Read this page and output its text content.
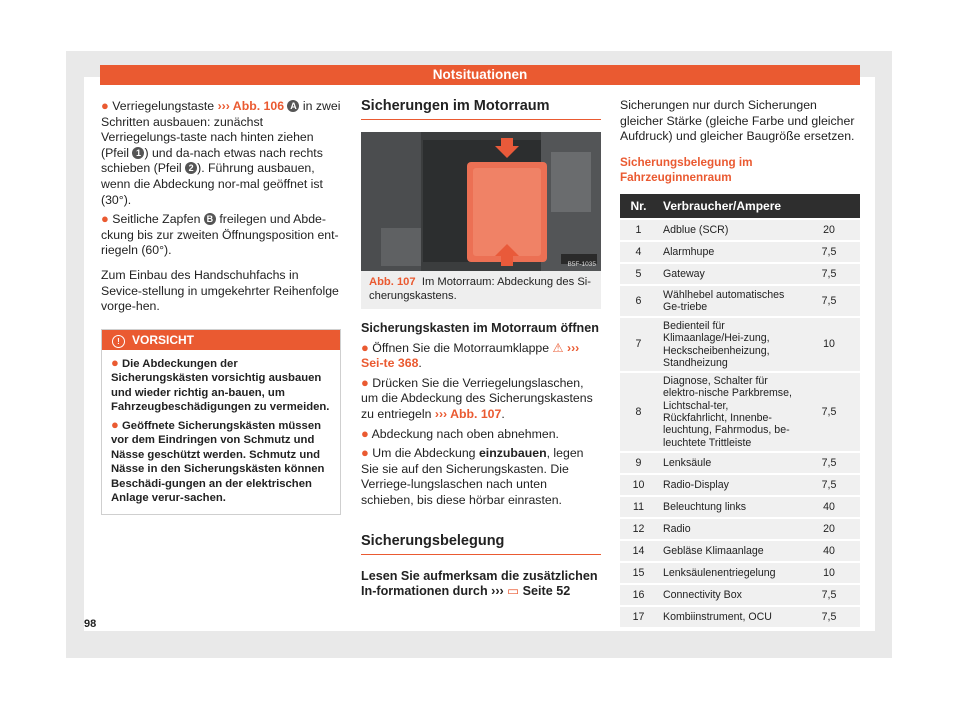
Notsituationen

● Verriegelungstaste ››› Abb. 106 A in zwei Schritten ausbauen: zunächst Verriegelungs-taste nach hinten ziehen (Pfeil 1 ) und da-nach etwas nach rechts schieben (Pfeil 2 ). Führung ausbauen, wenn die Abdeckung nor-mal geöffnet ist (30°).

● Seitliche Zapfen B freilegen und Abde-ckung bis zur zweiten Öffnungsposition ent-riegeln (60°).

Zum Einbau des Handschuhfachs in Sevice-stellung in umgekehrter Reihenfolge vorge-hen.

! VORSICHT

● Die Abdeckungen der Sicherungskästen vorsichtig ausbauen und wieder richtig an-bauen, um Fahrzeugbeschädigungen zu vermeiden.

● Geöffnete Sicherungskästen müssen vor dem Eindringen von Schmutz und Nässe geschützt werden. Schmutz und Nässe in den Sicherungskästen können Beschädi-gungen an der elektrischen Anlage verur-sachen.

Sicherungen im Motorraum
B5F-1035
Abb. 107 Im Motorraum: Abdeckung des Si-cherungskastens.

Sicherungskasten im Motorraum öffnen

● Öffnen Sie die Motorraumklappe ⚠ ››› Sei-te 368.

● Drücken Sie die Verriegelungslaschen, um die Abdeckung des Sicherungskastens zu entriegeln ››› Abb. 107.

● Abdeckung nach oben abnehmen.

● Um die Abdeckung einzubauen, legen Sie sie auf den Sicherungskasten. Die Verriege-lungslaschen nach unten schieben, bis diese hörbar einrasten.

Sicherungsbelegung

Lesen Sie aufmerksam die zusätzlichen In-formationen durch ››› ▭ Seite 52

Sicherungen nur durch Sicherungen gleicher Stärke (gleiche Farbe und gleicher Aufdruck) und gleicher Baugröße ersetzen.

Sicherungsbelegung im Fahrzeuginnenraum

Nr.	Verbraucher/Ampere	
1	Adblue (SCR)	20
4	Alarmhupe	7,5
5	Gateway	7,5
6	Wählhebel automatisches Ge-triebe	7,5
7	Bedienteil für Klimaanlage/Hei-zung, Heckscheibenheizung, Standheizung	10
8	Diagnose, Schalter für elektro-nische Parkbremse, Lichtschal-ter, Rückfahrlicht, Innenbe-leuchtung, Fahrmodus, be-leuchtete Trittleiste	7,5
9	Lenksäule	7,5
10	Radio-Display	7,5
11	Beleuchtung links	40
12	Radio	20
14	Gebläse Klimaanlage	40
15	Lenksäulenentriegelung	10
16	Connectivity Box	7,5
17	Kombiinstrument, OCU	7,5
98
